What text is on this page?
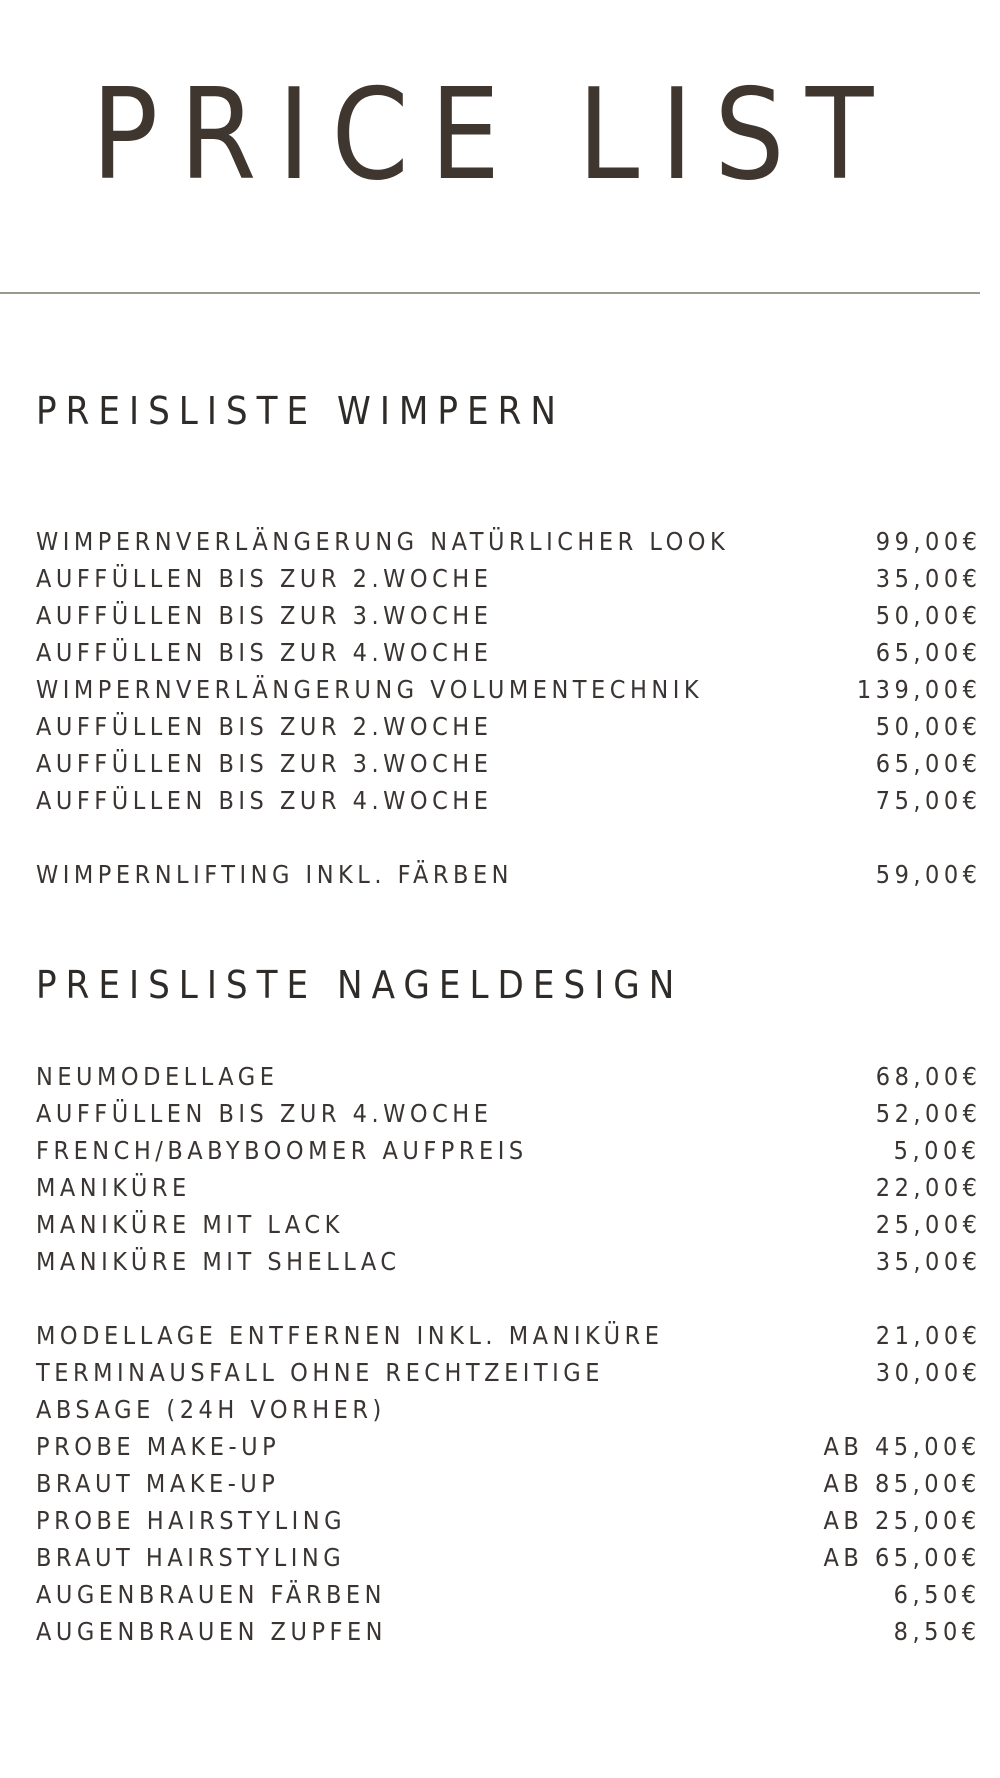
PRICE LIST
PREISLISTE WIMPERN
WIMPERNVERLÄNGERUNG NATÜRLICHER LOOK	99,00€
AUFFÜLLEN BIS ZUR 2.WOCHE	35,00€
AUFFÜLLEN BIS ZUR 3.WOCHE	50,00€
AUFFÜLLEN BIS ZUR 4.WOCHE	65,00€
WIMPERNVERLÄNGERUNG VOLUMENTECHNIK	139,00€
AUFFÜLLEN BIS ZUR 2.WOCHE	50,00€
AUFFÜLLEN BIS ZUR 3.WOCHE	65,00€
AUFFÜLLEN BIS ZUR 4.WOCHE	75,00€
WIMPERNLIFTING INKL. FÄRBEN	59,00€
PREISLISTE NAGELDESIGN
NEUMODELLAGE	68,00€
AUFFÜLLEN BIS ZUR 4.WOCHE	52,00€
FRENCH/BABYBOOMER AUFPREIS	5,00€
MANIKÜRE	22,00€
MANIKÜRE MIT LACK	25,00€
MANIKÜRE MIT SHELLAC	35,00€
MODELLAGE ENTFERNEN INKL. MANIKÜRE	21,00€
TERMINAUSFALL OHNE RECHTZEITIGE	30,00€
ABSAGE (24H VORHER)
PROBE MAKE-UP	AB 45,00€
BRAUT MAKE-UP	AB 85,00€
PROBE HAIRSTYLING	AB 25,00€
BRAUT HAIRSTYLING	AB 65,00€
AUGENBRAUEN FÄRBEN	6,50€
AUGENBRAUEN ZUPFEN	8,50€
